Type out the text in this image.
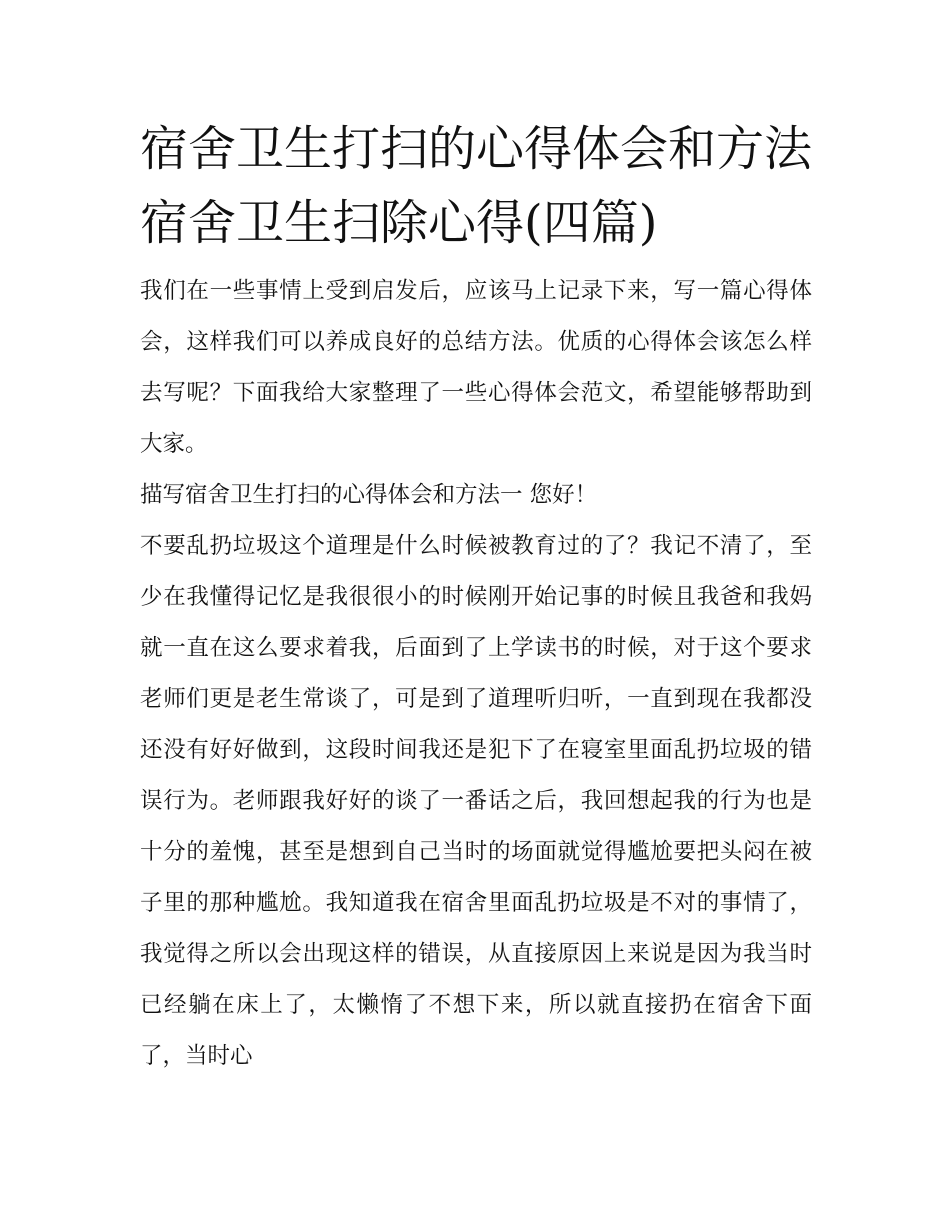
宿舍卫生打扫的心得体会和方法 宿舍卫生扫除心得(四篇)

我们在一些事情上受到启发后，应该马上记录下来，写一篇心得体会，这样我们可以养成良好的总结方法。优质的心得体会该怎么样去写呢？下面我给大家整理了一些心得体会范文，希望能够帮助到大家。

描写宿舍卫生打扫的心得体会和方法一 您好！

不要乱扔垃圾这个道理是什么时候被教育过的了？我记不清了，至少在我懂得记忆是我很很小的时候刚开始记事的时候且我爸和我妈就一直在这么要求着我，后面到了上学读书的时候，对于这个要求老师们更是老生常谈了，可是到了道理听归听，一直到现在我都没还没有好好做到，这段时间我还是犯下了在寝室里面乱扔垃圾的错误行为。老师跟我好好的谈了一番话之后，我回想起我的行为也是十分的羞愧，甚至是想到自己当时的场面就觉得尴尬要把头闷在被子里的那种尴尬。我知道我在宿舍里面乱扔垃圾是不对的事情了，我觉得之所以会出现这样的错误，从直接原因上来说是因为我当时已经躺在床上了，太懒惰了不想下来，所以就直接扔在宿舍下面了，当时心
